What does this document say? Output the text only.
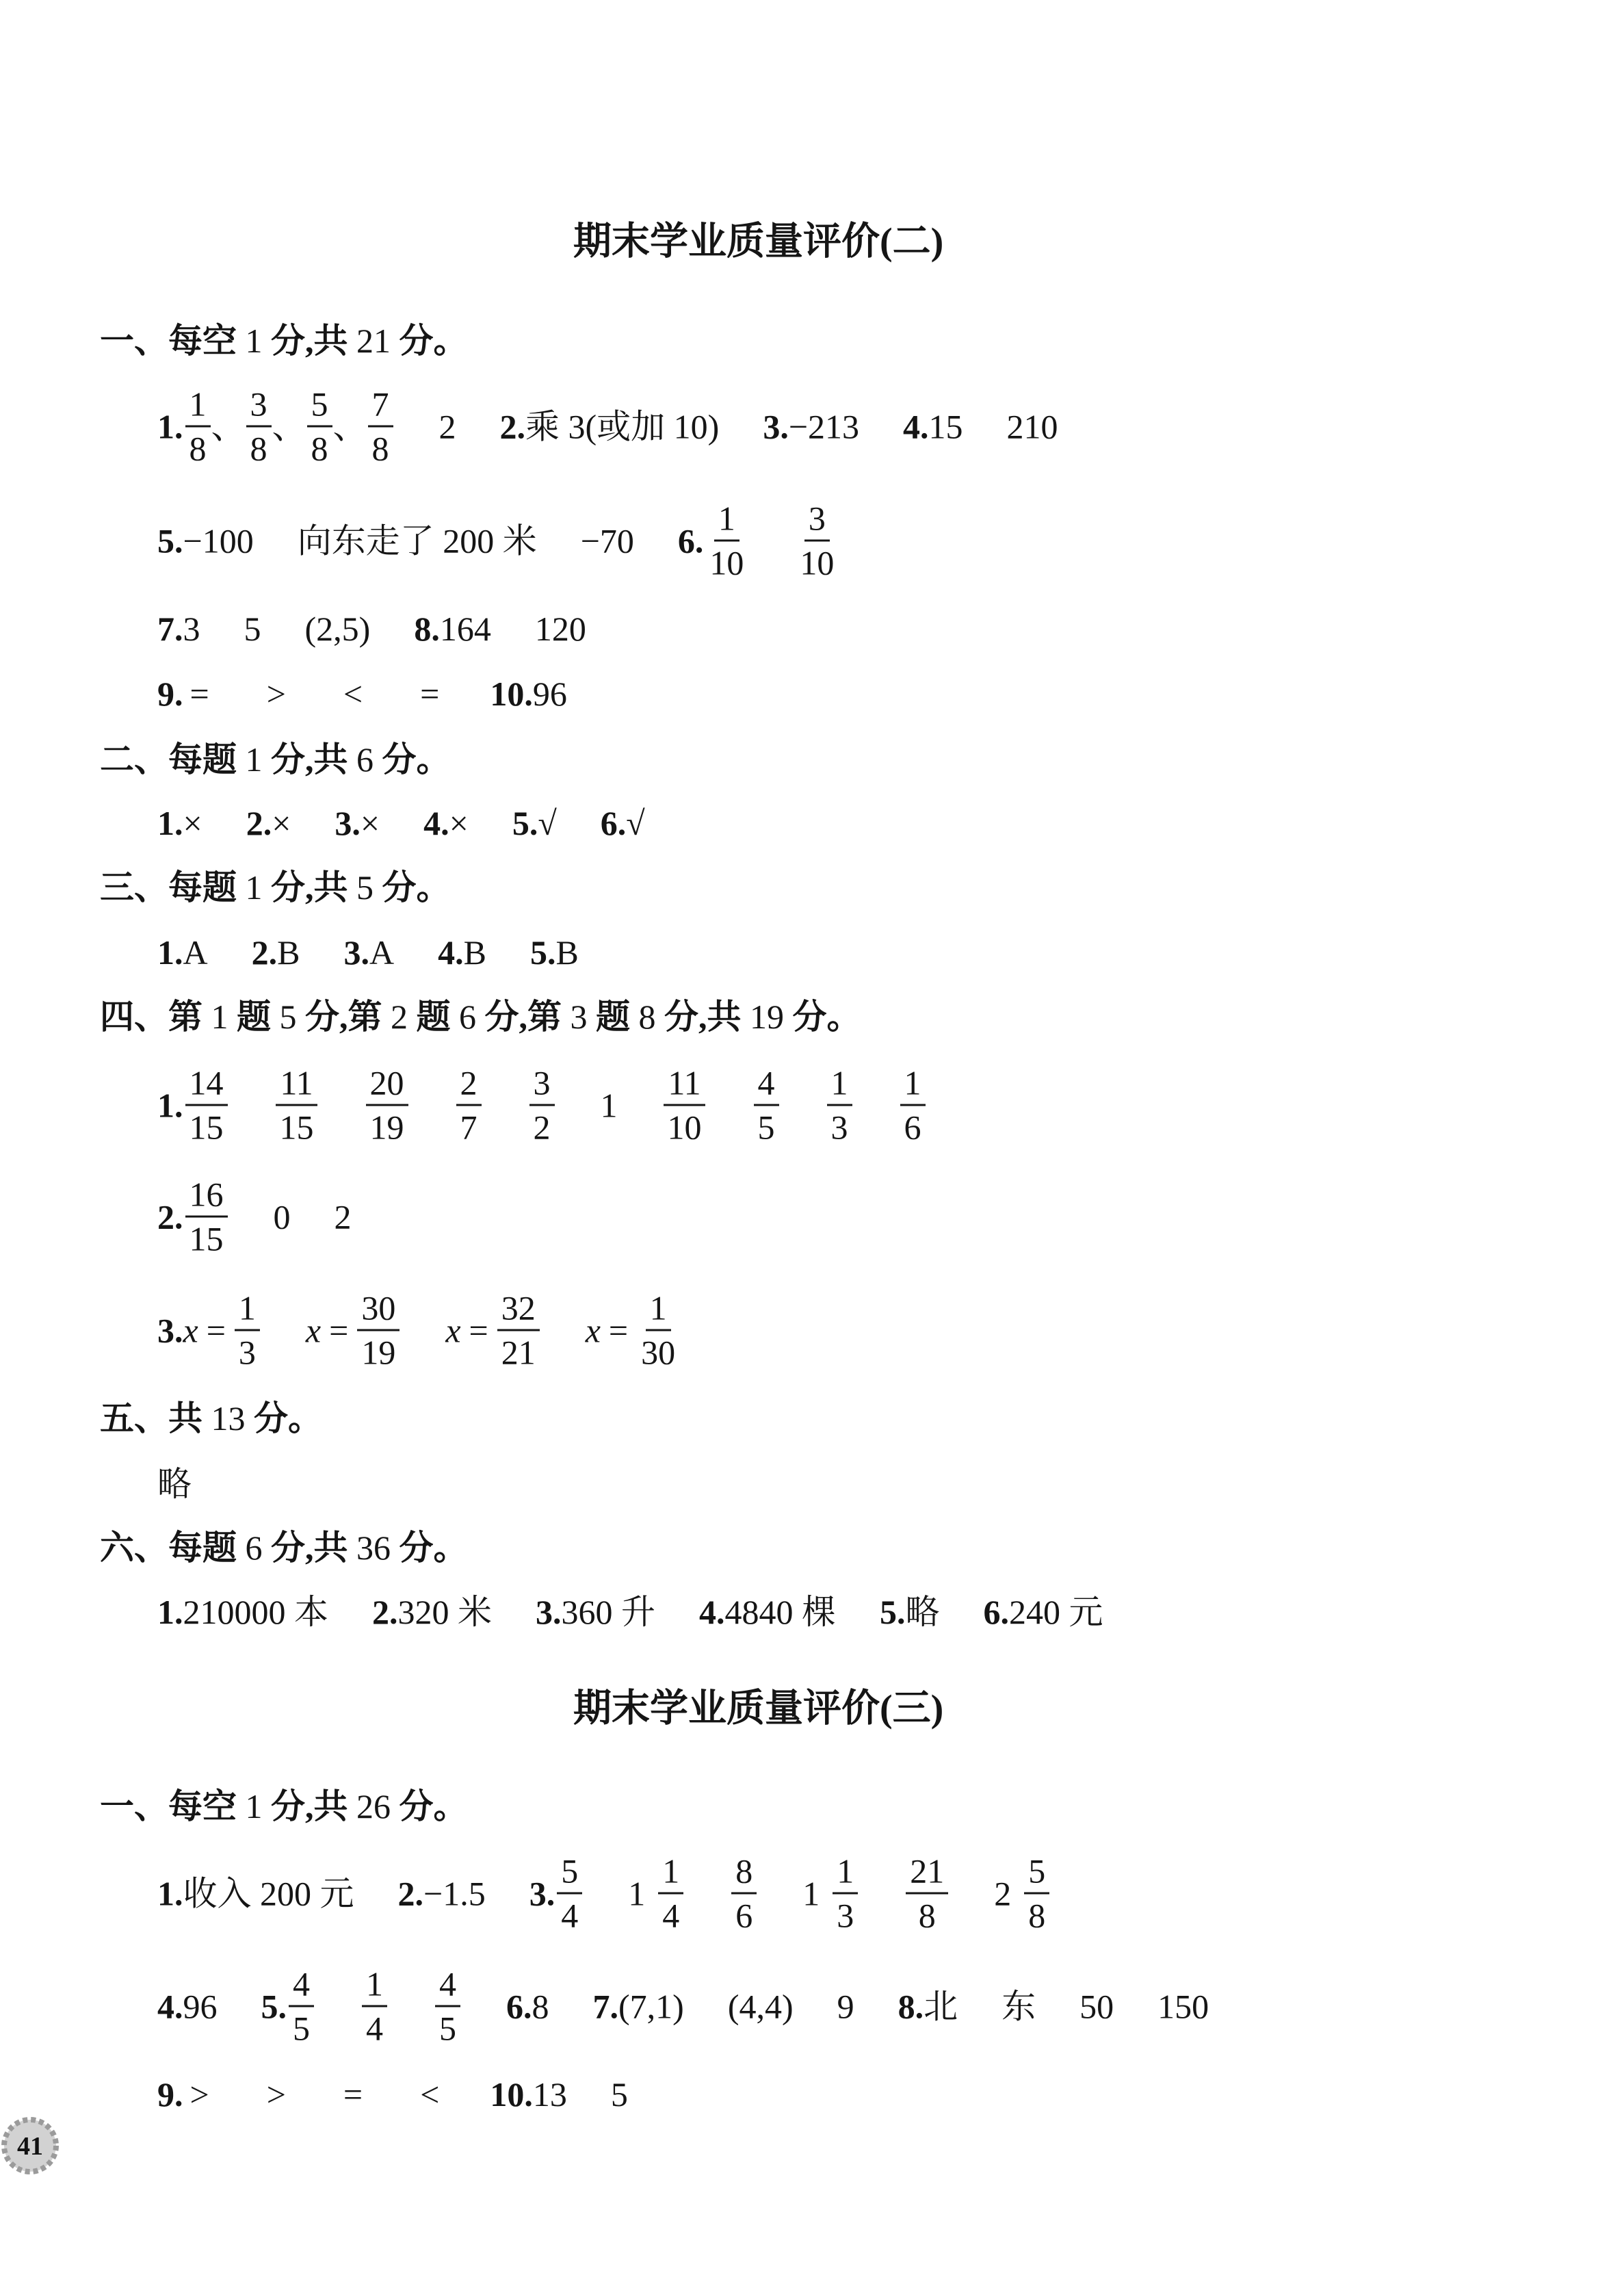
期末学业质量评价(二)
一、每空 1 分,共 21 分。
1. $\frac{1}{8}$ 、 $\frac{3}{8}$ 、 $\frac{5}{8}$ 、 $\frac{7}{8} 2$ 2. 乘 3(或加 10) 3. −213 4. 15 210
5. −100 向东走了 200 米 −70 6. $\frac{1}{10} \frac{3}{10}$
7. 3 5 (2,5) 8. 164 120
9. = > < = 10. 96
二、每题 1 分,共 6 分。
1. × 2. × 3. × 4. × 5. √ 6. √
三、每题 1 分,共 5 分。
1. A 2. B 3. A 4. B 5. B
四、第 1 题 5 分,第 2 题 6 分,第 3 题 8 分,共 19 分。
1. $\frac{14}{15} \frac{11}{15} \frac{20}{19} \frac{2}{7} \frac{3}{2} 1 \frac{11}{10} \frac{4}{5} \frac{1}{3} \frac{1}{6}$
2. $\frac{16}{15} 0$ 2
3. $x = \frac{1}{3}$ $x = \frac{30}{19}$ $x = \frac{32}{21}$ $x = \frac{1}{30}$
五、共 13 分。
略
六、每题 6 分,共 36 分。
1. 210000 本 2. 320 米 3. 360 升 4. 4840 棵 5. 略 6. 240 元
期末学业质量评价(三)
一、每空 1 分,共 26 分。
1. 收入 200 元 2. −1.5 3. $\frac{5}{4} 1 \frac{1}{4} \frac{8}{6} 1 \frac{1}{3} \frac{21}{8} 2 \frac{5}{8}$
4. 96 5. $\frac{4}{5} \frac{1}{4} \frac{4}{5} 6$. 8 7. (7,1) (4,4) 9 8. 北 东 50 150
9. > > = < 10. 13 5
41
